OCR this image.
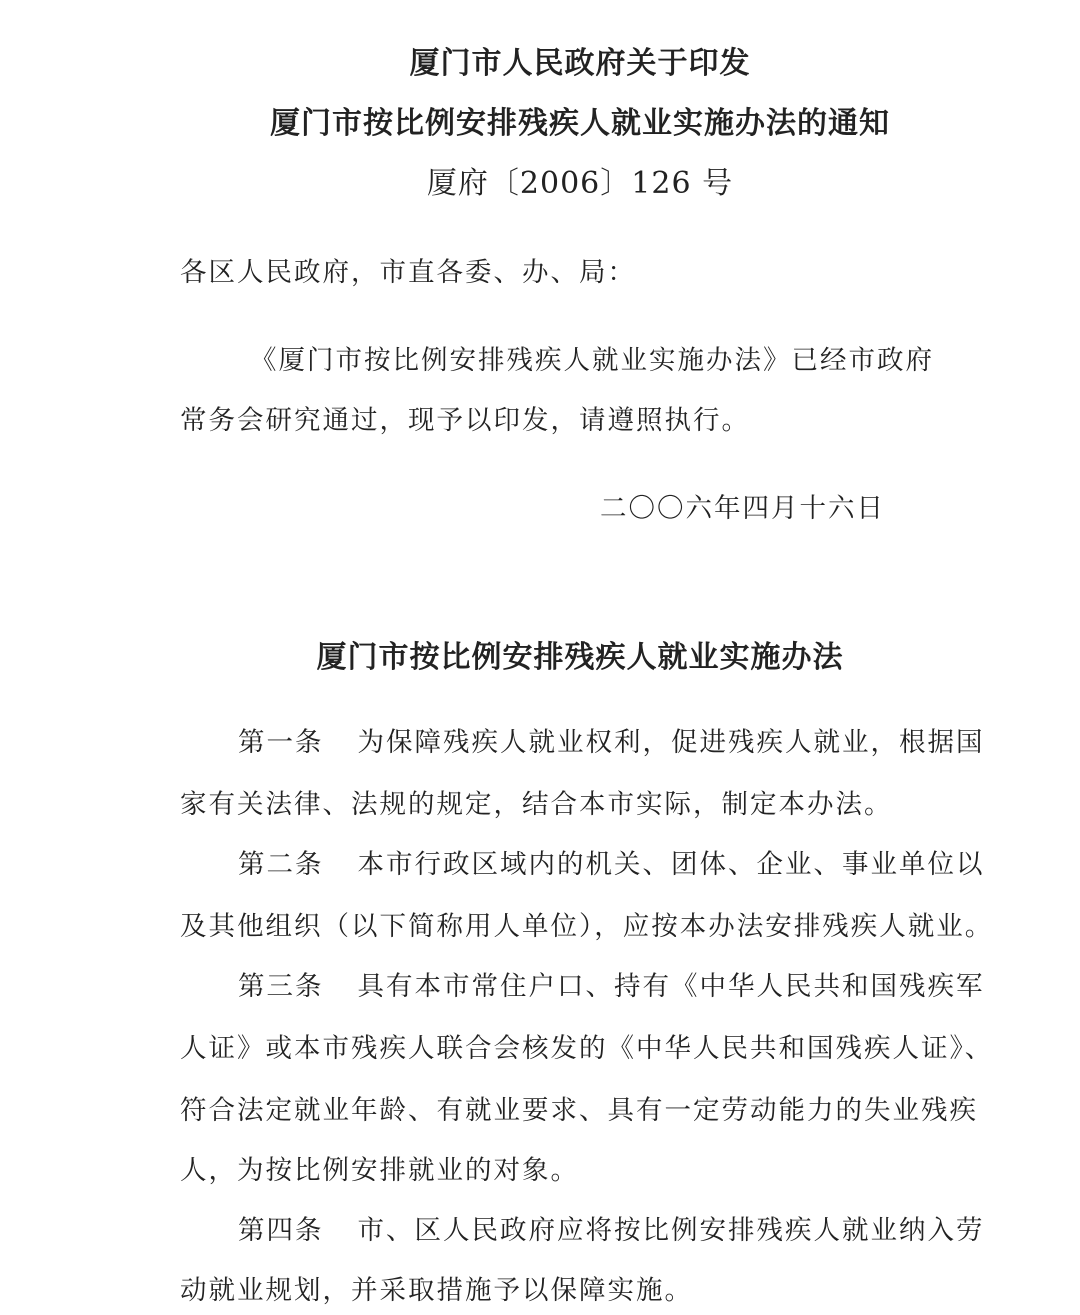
厦门市人民政府关于印发
厦门市按比例安排残疾人就业实施办法的通知
厦府〔2006〕126 号
各区人民政府，市直各委、办、局：
《厦门市按比例安排残疾人就业实施办法》已经市政府
常务会研究通过，现予以印发，请遵照执行。
二〇〇六年四月十六日
厦门市按比例安排残疾人就业实施办法
第一条 为保障残疾人就业权利，促进残疾人就业，根据国
家有关法律、法规的规定，结合本市实际，制定本办法。
第二条 本市行政区域内的机关、团体、企业、事业单位以
及其他组织（以下简称用人单位），应按本办法安排残疾人就业。
第三条 具有本市常住户口、持有《中华人民共和国残疾军
人证》或本市残疾人联合会核发的《中华人民共和国残疾人证》、
符合法定就业年龄、有就业要求、具有一定劳动能力的失业残疾
人，为按比例安排就业的对象。
第四条 市、区人民政府应将按比例安排残疾人就业纳入劳
动就业规划，并采取措施予以保障实施。
